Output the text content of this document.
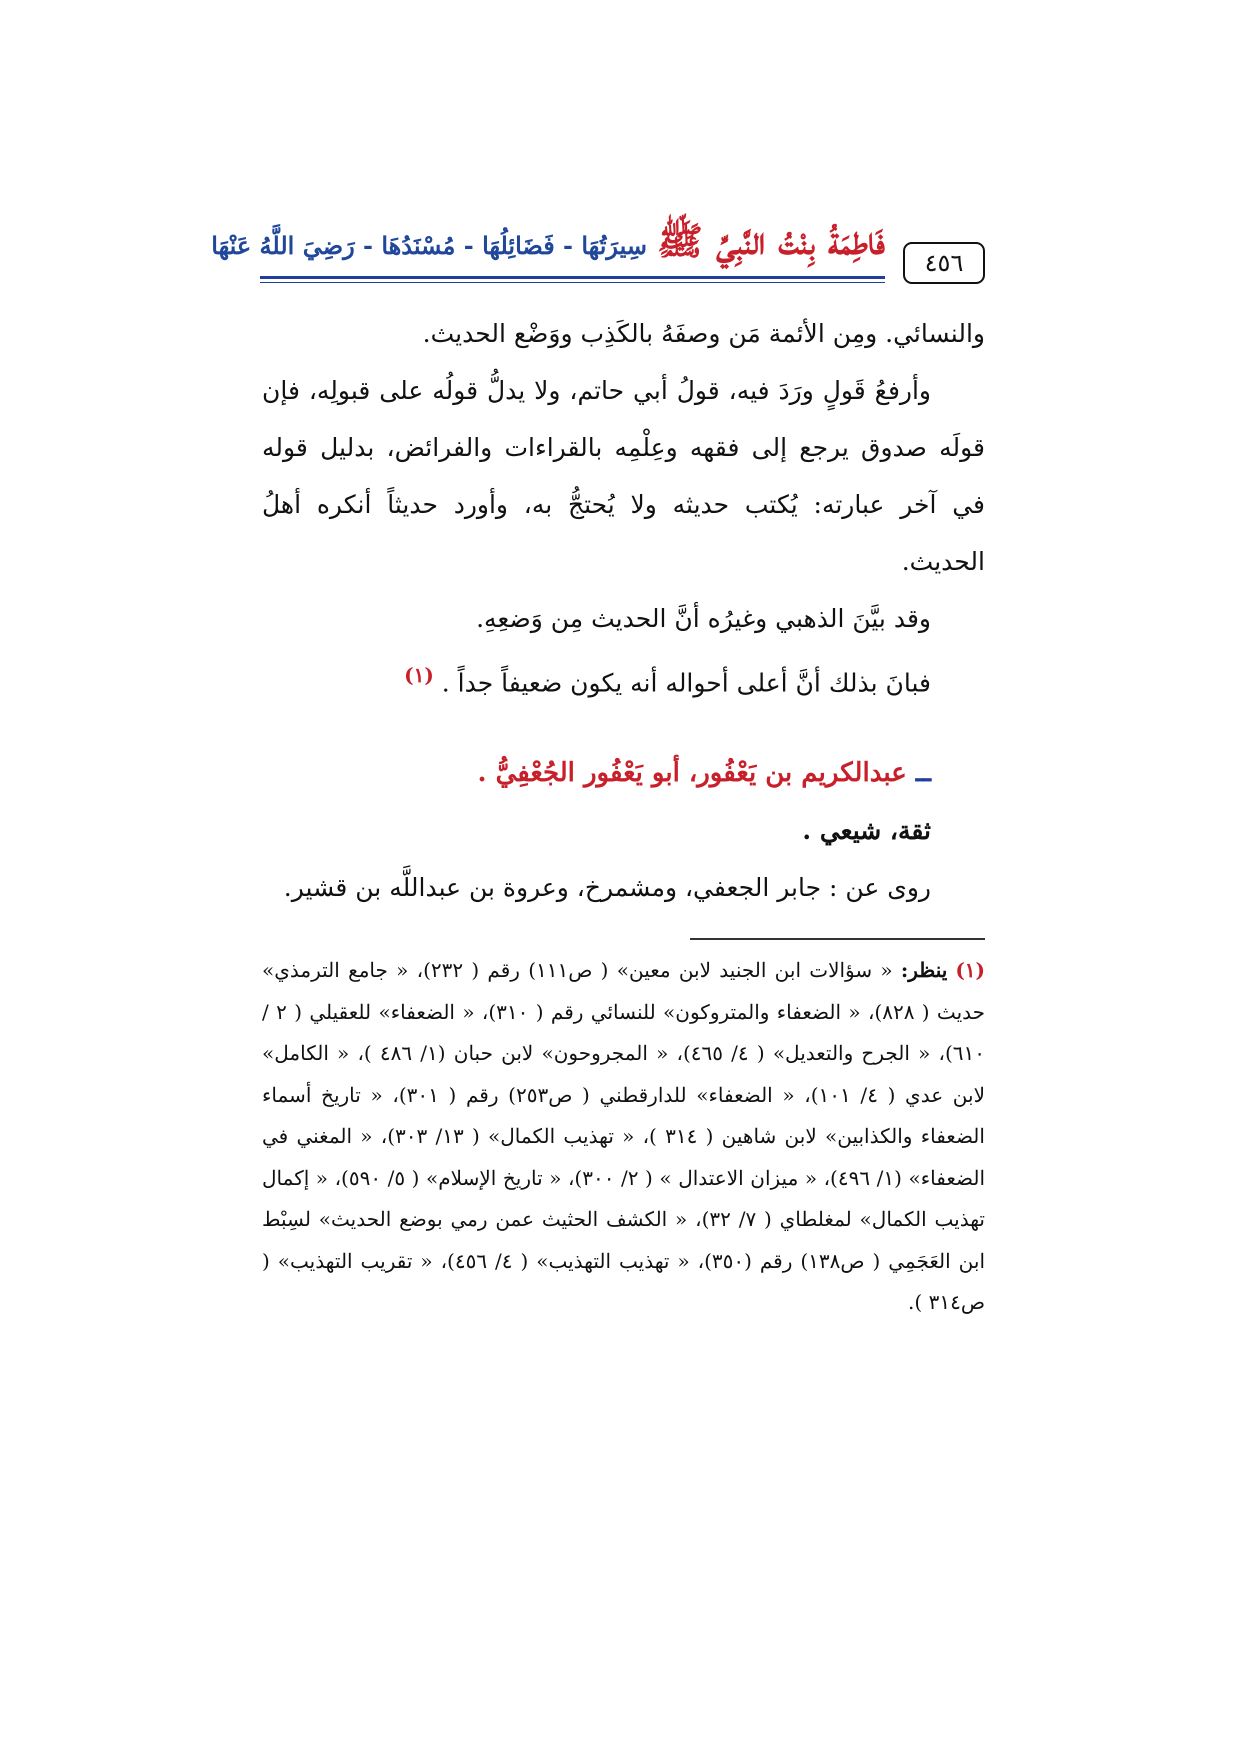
٤٥٦
فَاطِمَةُ بِنْتُ النَّبِيِّ ﷺسِيرَتُهَا - فَضَائِلُهَا - مُسْنَدُهَا - رَضِيَ اللَّهُ عَنْهَا

والنسائي. ومِن الأئمة مَن وصفَهُ بالكَذِب ووَضْع الحديث.

وأرفعُ قَولٍ ورَدَ فيه، قولُ أبي حاتم، ولا يدلُّ قولُه على قبولِه، فإن قولَه صدوق يرجع إلى فقهه وعِلْمِه بالقراءات والفرائض، بدليل قوله في آخر عبارته: يُكتب حديثه ولا يُحتجُّ به، وأورد حديثاً أنكره أهلُ الحديث.

وقد بيَّنَ الذهبي وغيرُه أنَّ الحديث مِن وَضعِهِ.

فبانَ بذلك أنَّ أعلى أحواله أنه يكون ضعيفاً جداً . $^{(١)}$

ــ عبدالكريم بن يَعْفُور، أبو يَعْفُور الجُعْفِيُّ .

ثقة، شيعي .

روى عن : جابر الجعفي، ومشمرخ، وعروة بن عبداللَّه بن قشير.

(١)ينظر: « سؤالات ابن الجنيد لابن معين» ( ص١١١) رقم ( ٢٣٢)، « جامع الترمذي» حديث ( ٨٢٨)، « الضعفاء والمتروكون» للنسائي رقم ( ٣١٠)، « الضعفاء» للعقيلي ( ٢ / ٦١٠)، « الجرح والتعديل» ( ٤/ ٤٦٥)، « المجروحون» لابن حبان (١/ ٤٨٦ )، « الكامل» لابن عدي ( ٤/ ١٠١)، « الضعفاء» للدارقطني ( ص٢٥٣) رقم ( ٣٠١)، « تاريخ أسماء الضعفاء والكذابين» لابن شاهين ( ٣١٤ )، « تهذيب الكمال» ( ١٣/ ٣٠٣)، « المغني في الضعفاء» (١/ ٤٩٦)، « ميزان الاعتدال » ( ٢/ ٣٠٠)، « تاريخ الإسلام» ( ٥/ ٥٩٠)، « إكمال تهذيب الكمال» لمغلطاي ( ٧/ ٣٢)، « الكشف الحثيث عمن رمي بوضع الحديث» لسِبْط ابن العَجَمِي ( ص١٣٨) رقم (٣٥٠)، « تهذيب التهذيب» ( ٤/ ٤٥٦)، « تقريب التهذيب» ( ص٣١٤ ).
